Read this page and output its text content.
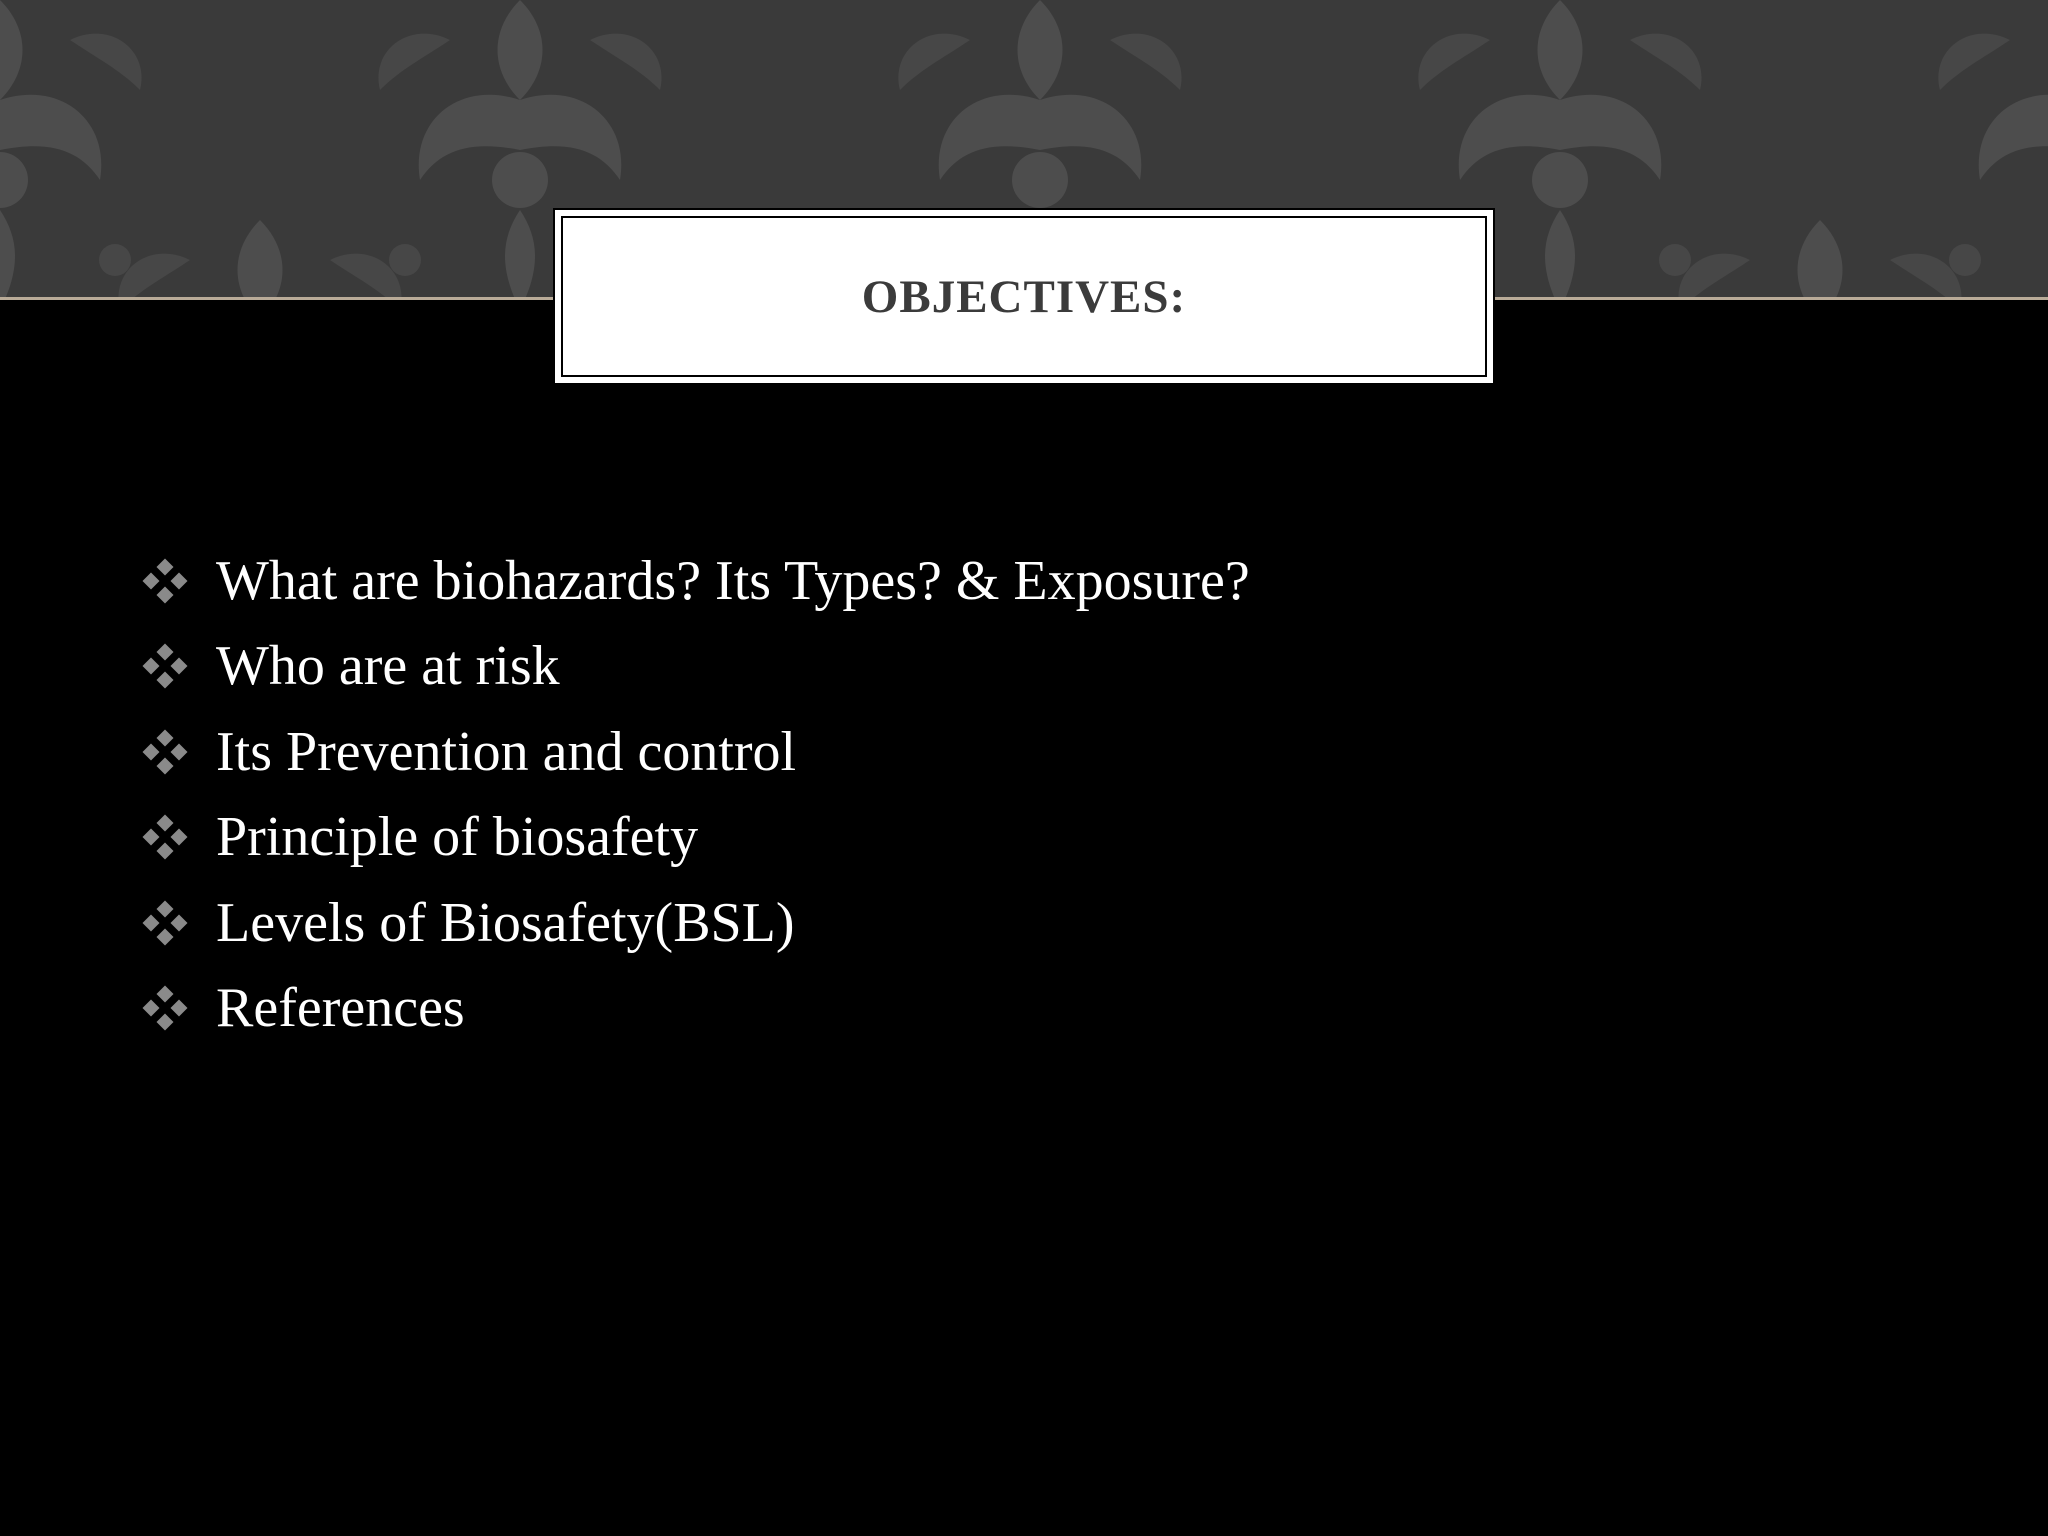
OBJECTIVES:
What are biohazards? Its Types? & Exposure?
Who are at risk
Its Prevention and control
Principle of biosafety
Levels of Biosafety(BSL)
References
